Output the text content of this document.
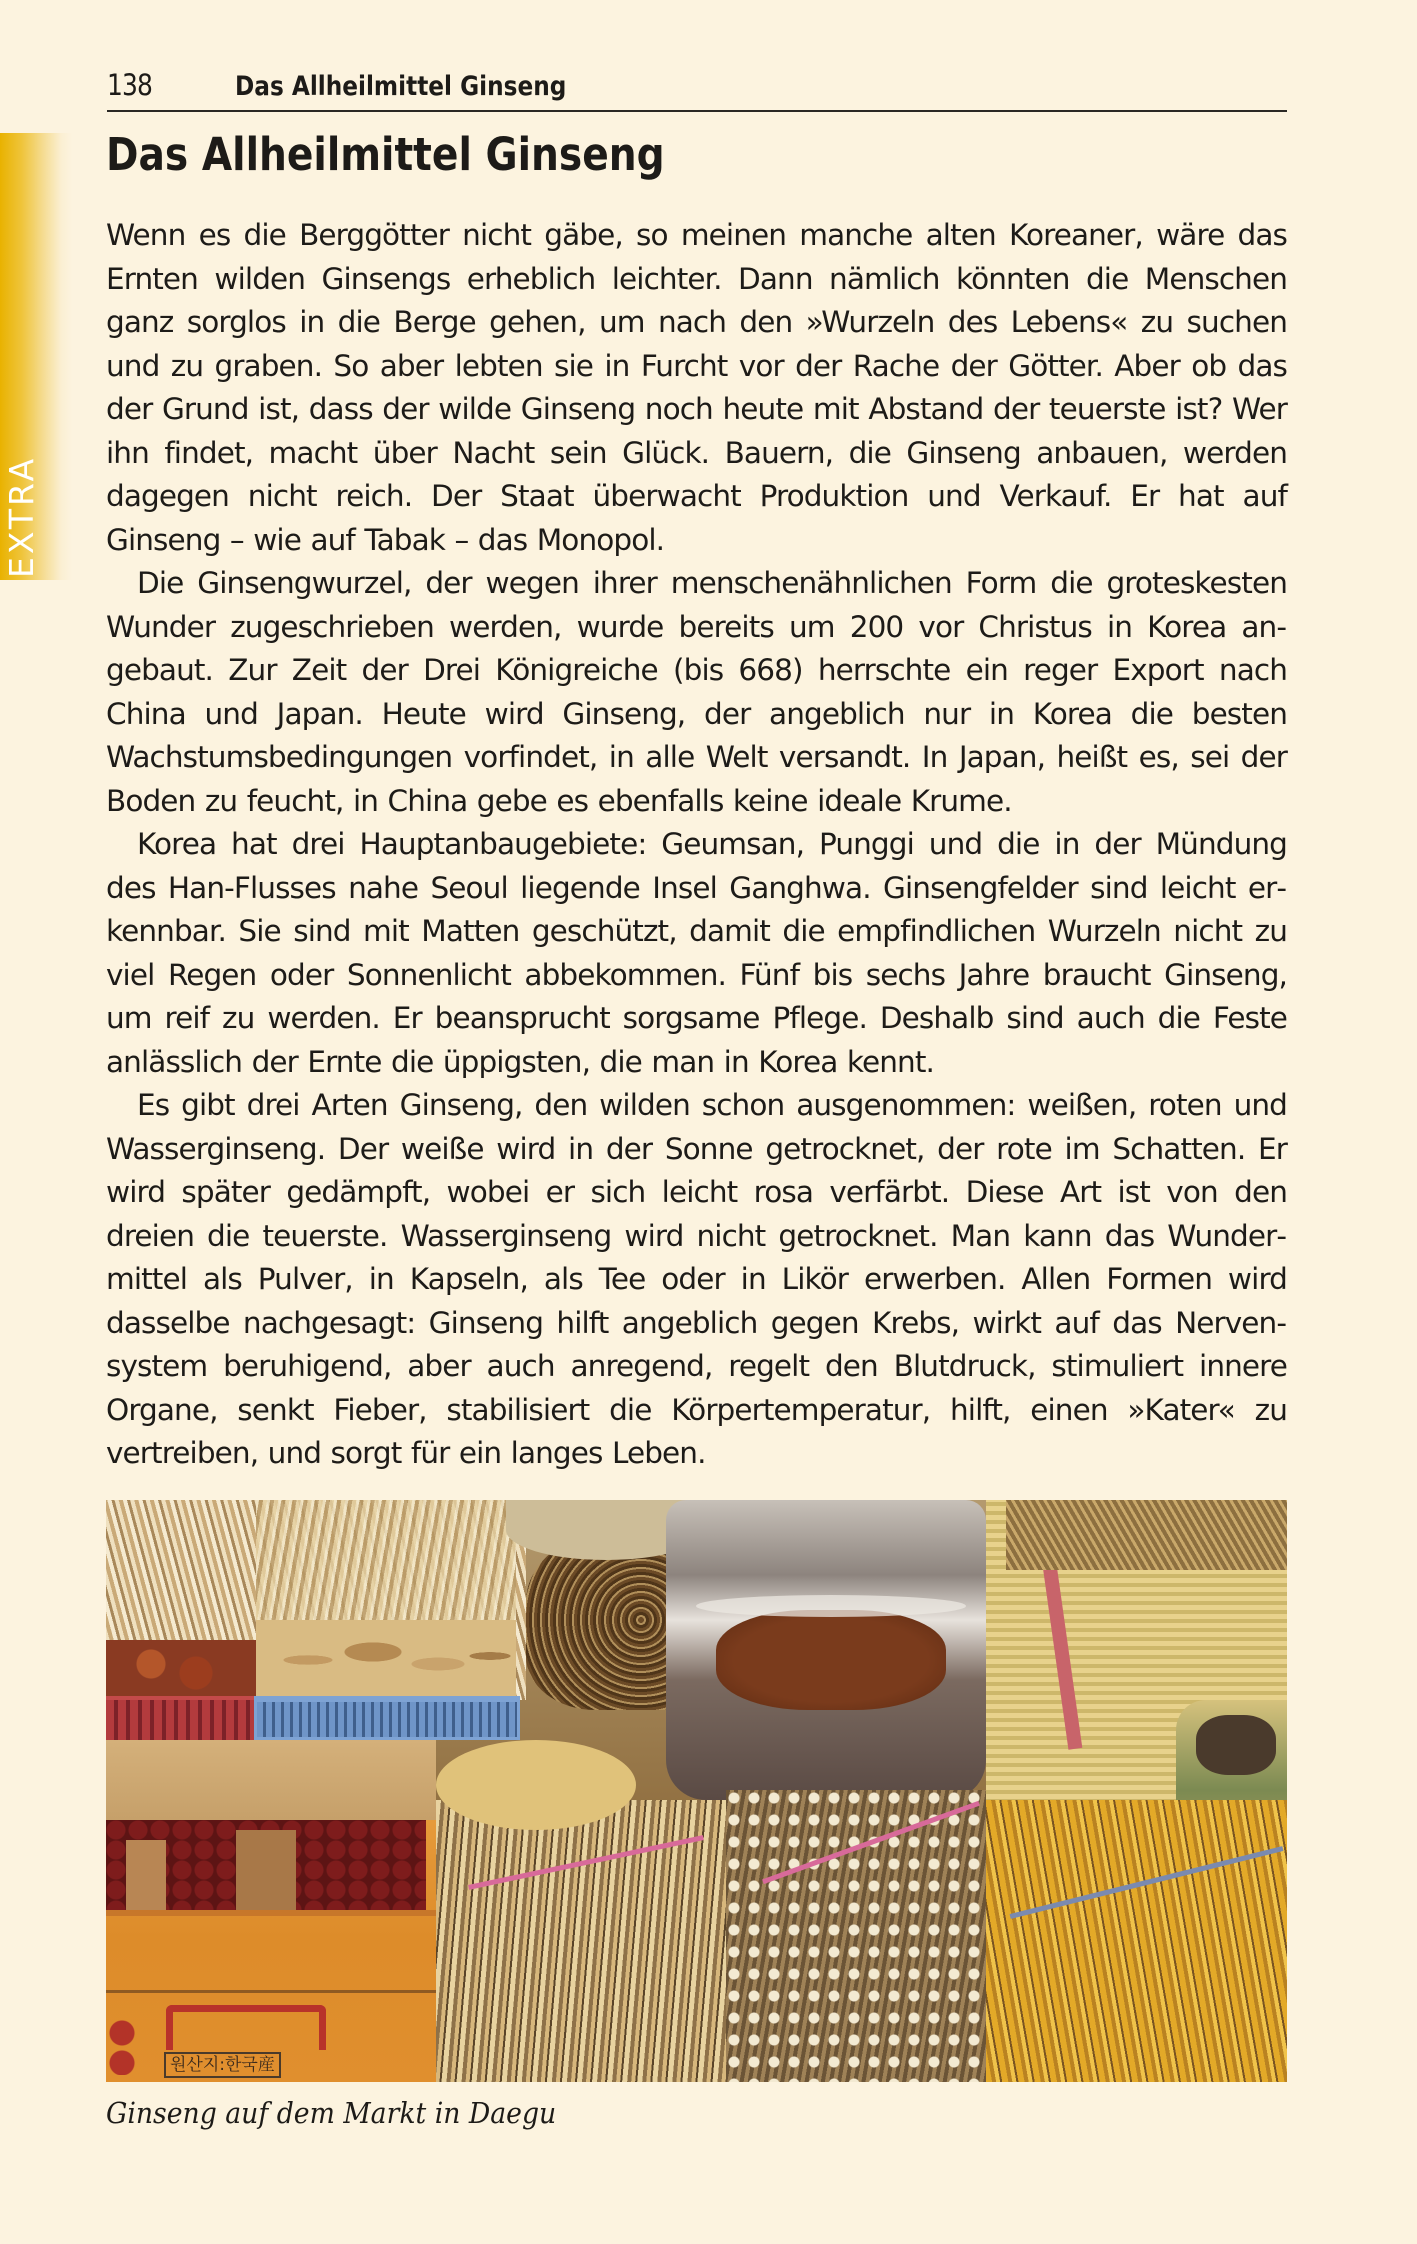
138	Das Allheilmittel Ginseng
EXTRA
Das Allheilmittel Ginseng

Wenn es die Berggötter nicht gäbe, so meinen manche alten Koreaner, wäre das Ernten wilden Ginsengs erheblich leichter. Dann nämlich könnten die Menschen ganz sorglos in die Berge gehen, um nach den »Wurzeln des Lebens« zu suchen und zu graben. So aber lebten sie in Furcht vor der Rache der Götter. Aber ob das der Grund ist, dass der wilde Ginseng noch heute mit Abstand der teuerste ist? Wer ihn findet, macht über Nacht sein Glück. Bauern, die Ginseng anbauen, werden dagegen nicht reich. Der Staat überwacht Produktion und Verkauf. Er hat auf Ginseng – wie auf Tabak – das Monopol.

Die Ginsengwurzel, der wegen ihrer menschenähnlichen Form die groteskesten Wunder zugeschrieben werden, wurde bereits um 200 vor Christus in Korea angebaut. Zur Zeit der Drei Königreiche (bis 668) herrschte ein reger Export nach China und Japan. Heute wird Ginseng, der angeblich nur in Korea die besten Wachstumsbedingungen vorfindet, in alle Welt versandt. In Japan, heißt es, sei der Boden zu feucht, in China gebe es ebenfalls keine ideale Krume.

Korea hat drei Hauptanbaugebiete: Geumsan, Punggi und die in der Mündung des Han-Flusses nahe Seoul liegende Insel Ganghwa. Ginsengfelder sind leicht erkennbar. Sie sind mit Matten geschützt, damit die empfindlichen Wurzeln nicht zu viel Regen oder Sonnenlicht abbekommen. Fünf bis sechs Jahre braucht Ginseng, um reif zu werden. Er beansprucht sorgsame Pflege. Deshalb sind auch die Feste anlässlich der Ernte die üppigsten, die man in Korea kennt.

Es gibt drei Arten Ginseng, den wilden schon ausgenommen: weißen, roten und Wasserginseng. Der weiße wird in der Sonne getrocknet, der rote im Schatten. Er wird später gedämpft, wobei er sich leicht rosa verfärbt. Diese Art ist von den dreien die teuerste. Wasserginseng wird nicht getrocknet. Man kann das Wundermittel als Pulver, in Kapseln, als Tee oder in Likör erwerben. Allen Formen wird dasselbe nachgesagt: Ginseng hilft angeblich gegen Krebs, wirkt auf das Nervensystem beruhigend, aber auch anregend, regelt den Blutdruck, stimuliert innere Organe, senkt Fieber, stabilisiert die Körpertemperatur, hilft, einen »Kater« zu vertreiben, und sorgt für ein langes Leben.

원산지:한국産
Ginseng auf dem Markt in Daegu
